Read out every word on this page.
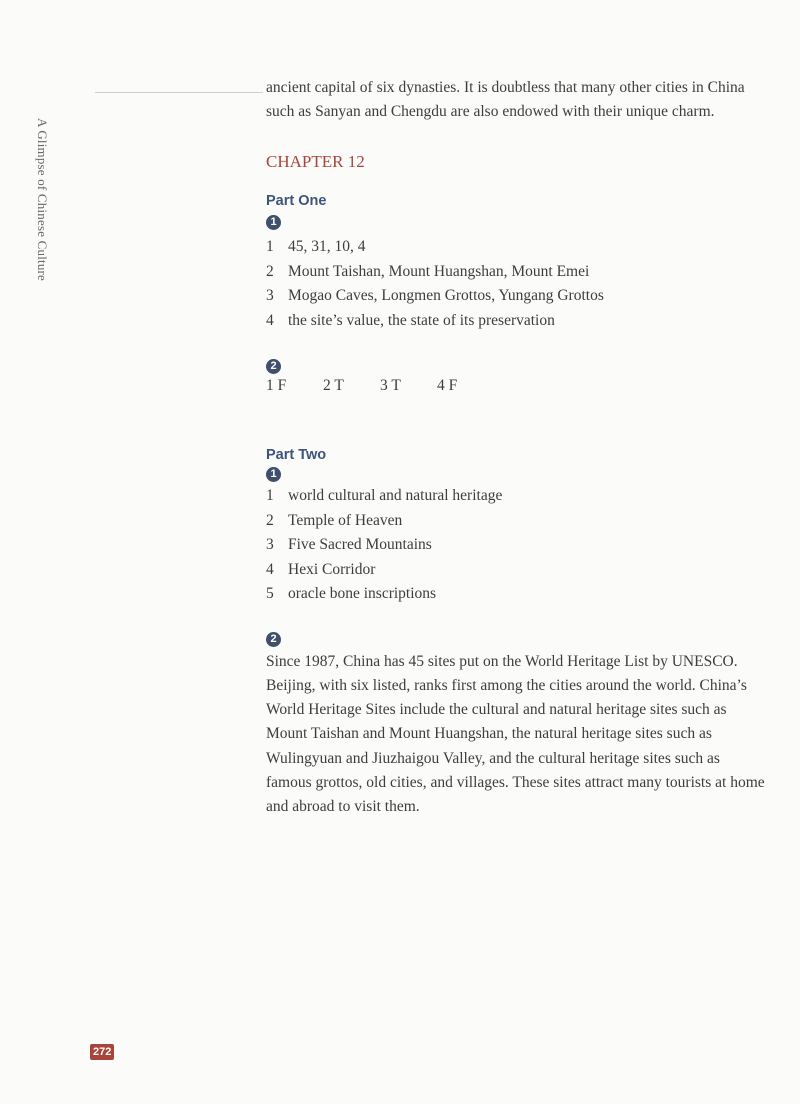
A Glimpse of Chinese Culture
272

ancient capital of six dynasties. It is doubtless that many other cities in China such as Sanyan and Chengdu are also endowed with their unique charm.

CHAPTER 12
Part One
1
1 45, 31, 10, 4
2 Mount Taishan, Mount Huangshan, Mount Emei
3 Mogao Caves, Longmen Grottos, Yungang Grottos
4 the site’s value, the state of its preservation
2
1 F	2 T	3 T	4 F
Part Two
1
1 world cultural and natural heritage
2 Temple of Heaven
3 Five Sacred Mountains
4 Hexi Corridor
5 oracle bone inscriptions
2

Since 1987, China has 45 sites put on the World Heritage List by UNESCO. Beijing, with six listed, ranks first among the cities around the world. China’s World Heritage Sites include the cultural and natural heritage sites such as Mount Taishan and Mount Huangshan, the natural heritage sites such as Wulingyuan and Jiuzhaigou Valley, and the cultural heritage sites such as famous grottos, old cities, and villages. These sites attract many tourists at home and abroad to visit them.
